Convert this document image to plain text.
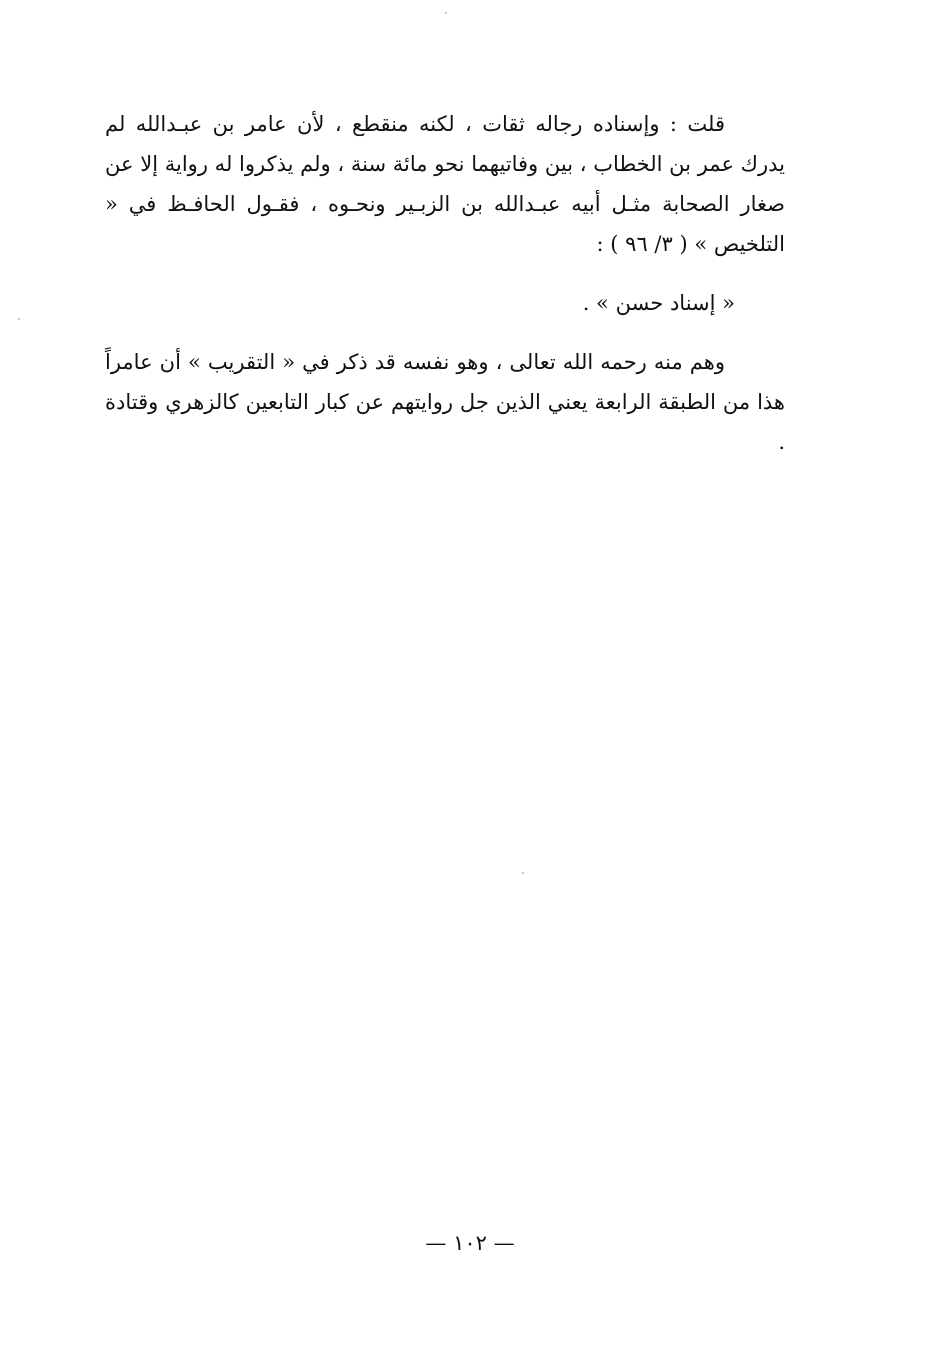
قلت : وإسناده رجاله ثقات ، لكنه منقطع ، لأن عامر بن عبـدالله لم يدرك عمر بن الخطاب ، بين وفاتيهما نحو مائة سنة ، ولم يذكروا له رواية إلا عن صغار الصحابة مثـل أبيه عبـدالله بن الزبـير ونحـوه ، فقـول الحافـظ في « التلخيص » ( ٣/ ٩٦ ) :

« إسناد حسن » .

وهم منه رحمه الله تعالى ، وهو نفسه قد ذكر في « التقريب » أن عامراً هذا من الطبقة الرابعة يعني الذين جل روايتهم عن كبار التابعين كالزهري وقتادة .

— ١٠٢ —
